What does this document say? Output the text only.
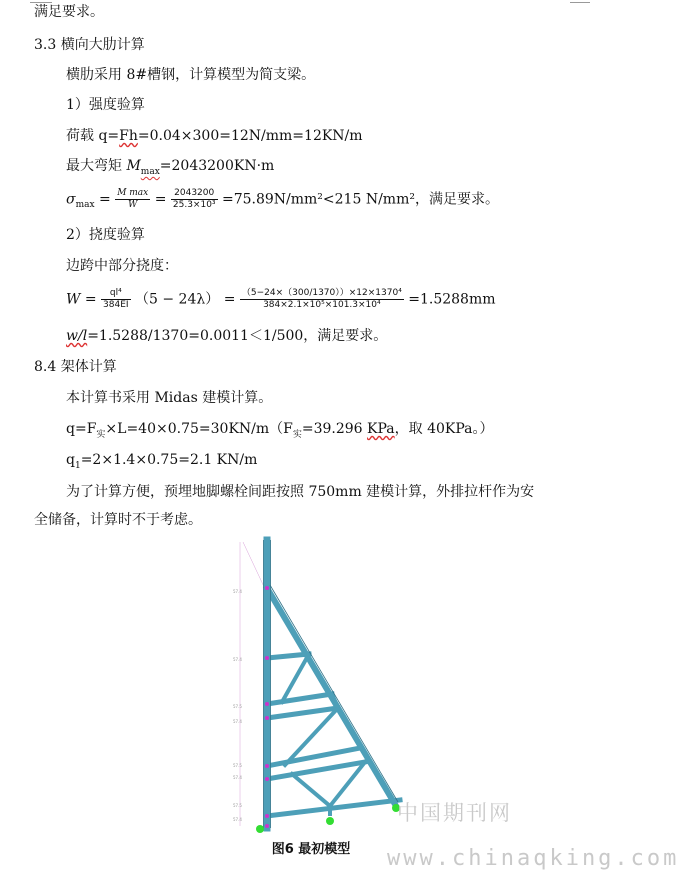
满足要求。
3.3 横向大肋计算
横肋采用 8#槽钢，计算模型为简支梁。
1）强度验算
荷载 q=Fh=0.04×300=12N/mm=12KN/m
最大弯矩 $M_{max}=2043200KN\cdot m$
$\sigma_{max} = \frac{\text{M max}}{W} = \frac{2043200}{\text{25.3×10³}} =75.89N/mm^2<215$ N/mm²，满足要求。
2）挠度验算
边跨中部分挠度：
$W = \frac{\text{ql⁴}}{384EI} (5 - 24\lambda) = \frac{\text{（5−24×（300/1370））×12×1370⁴}}{\text{384×2.1×10⁵×101.3×10⁴}} =1.5288mm$
w/l=1.5288/1370=0.0011＜1/500，满足要求。
8.4 架体计算
本计算书采用 Midas 建模计算。
$q=F_实\times L=40\times 0.75=30KN/m(F_实=39.296$ KPa，取 40KPa。）
$q_1=2\times 1.4\times 0.75=2.1$ KN/m
为了计算方便，预埋地脚螺栓间距按照 750mm 建模计算，外排拉杆作为安
全储备，计算时不于考虑。
57.4
57.4
57.5
57.4
57.5
57.4
57.5
57.4	中国期刊网
图6 最初模型	www.chinaqking.com
